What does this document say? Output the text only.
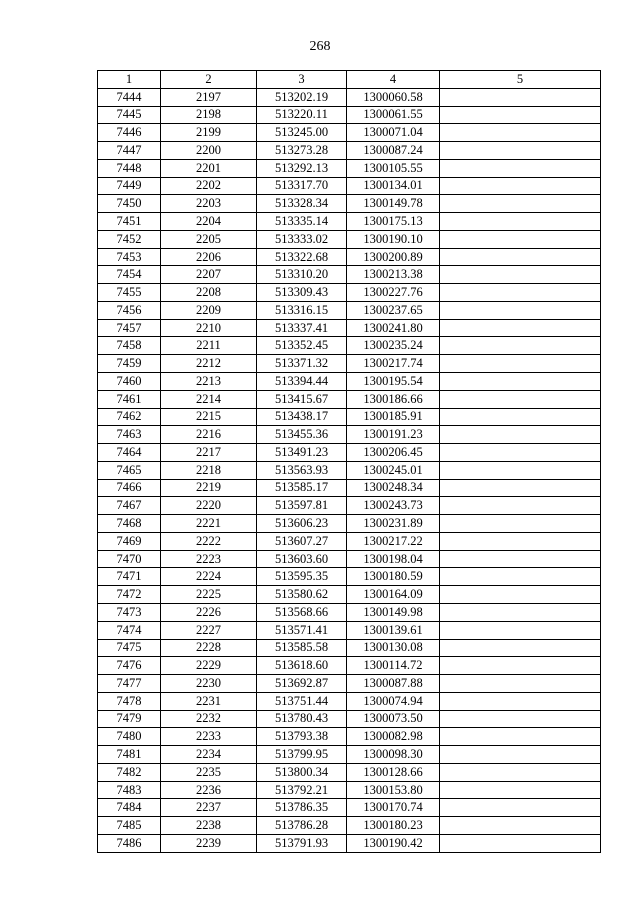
268
1	2	3	4	5
7444	2197	513202.19	1300060.58	
7445	2198	513220.11	1300061.55	
7446	2199	513245.00	1300071.04	
7447	2200	513273.28	1300087.24	
7448	2201	513292.13	1300105.55	
7449	2202	513317.70	1300134.01	
7450	2203	513328.34	1300149.78	
7451	2204	513335.14	1300175.13	
7452	2205	513333.02	1300190.10	
7453	2206	513322.68	1300200.89	
7454	2207	513310.20	1300213.38	
7455	2208	513309.43	1300227.76	
7456	2209	513316.15	1300237.65	
7457	2210	513337.41	1300241.80	
7458	2211	513352.45	1300235.24	
7459	2212	513371.32	1300217.74	
7460	2213	513394.44	1300195.54	
7461	2214	513415.67	1300186.66	
7462	2215	513438.17	1300185.91	
7463	2216	513455.36	1300191.23	
7464	2217	513491.23	1300206.45	
7465	2218	513563.93	1300245.01	
7466	2219	513585.17	1300248.34	
7467	2220	513597.81	1300243.73	
7468	2221	513606.23	1300231.89	
7469	2222	513607.27	1300217.22	
7470	2223	513603.60	1300198.04	
7471	2224	513595.35	1300180.59	
7472	2225	513580.62	1300164.09	
7473	2226	513568.66	1300149.98	
7474	2227	513571.41	1300139.61	
7475	2228	513585.58	1300130.08	
7476	2229	513618.60	1300114.72	
7477	2230	513692.87	1300087.88	
7478	2231	513751.44	1300074.94	
7479	2232	513780.43	1300073.50	
7480	2233	513793.38	1300082.98	
7481	2234	513799.95	1300098.30	
7482	2235	513800.34	1300128.66	
7483	2236	513792.21	1300153.80	
7484	2237	513786.35	1300170.74	
7485	2238	513786.28	1300180.23	
7486	2239	513791.93	1300190.42	
